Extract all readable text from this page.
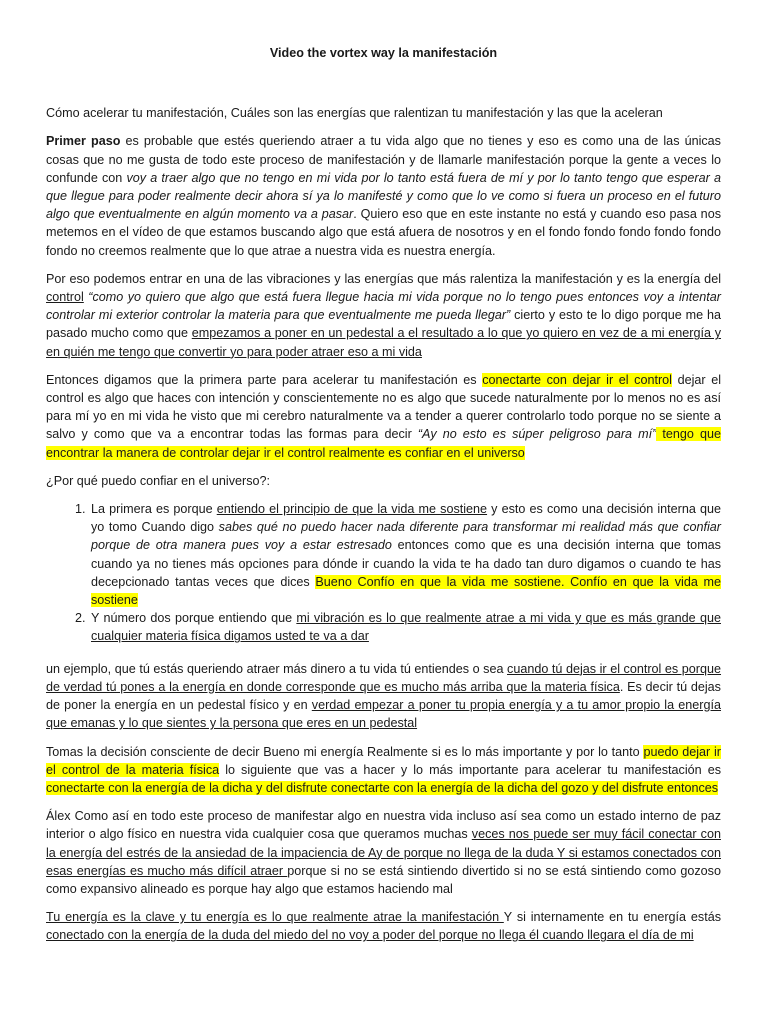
Video the vortex way la manifestación

Cómo acelerar tu manifestación, Cuáles son las energías que ralentizan tu manifestación y las que la aceleran

Primer paso es probable que estés queriendo atraer a tu vida algo que no tienes y eso es como una de las únicas cosas que no me gusta de todo este proceso de manifestación y de llamarle manifestación porque la gente a veces lo confunde con voy a traer algo que no tengo en mi vida por lo tanto está fuera de mí y por lo tanto tengo que esperar a que llegue para poder realmente decir ahora sí ya lo manifesté y como que lo ve como si fuera un proceso en el futuro algo que eventualmente en algún momento va a pasar. Quiero eso que en este instante no está y cuando eso pasa nos metemos en el vídeo de que estamos buscando algo que está afuera de nosotros y en el fondo fondo fondo fondo fondo fondo no creemos realmente que lo que atrae a nuestra vida es nuestra energía.

Por eso podemos entrar en una de las vibraciones y las energías que más ralentiza la manifestación y es la energía del control “como yo quiero que algo que está fuera llegue hacia mi vida porque no lo tengo pues entonces voy a intentar controlar mi exterior controlar la materia para que eventualmente me pueda llegar” cierto y esto te lo digo porque me ha pasado mucho como que empezamos a poner en un pedestal a el resultado a lo que yo quiero en vez de a mi energía y en quién me tengo que convertir yo para poder atraer eso a mi vida

Entonces digamos que la primera parte para acelerar tu manifestación es conectarte con dejar ir el control dejar el control es algo que haces con intención y conscientemente no es algo que sucede naturalmente por lo menos no es así para mí yo en mi vida he visto que mi cerebro naturalmente va a tender a querer controlarlo todo porque no se siente a salvo y como que va a encontrar todas las formas para decir “Ay no esto es súper peligroso para mí” tengo que encontrar la manera de controlar dejar ir el control realmente es confiar en el universo

¿Por qué puedo confiar en el universo?:

1. La primera es porque entiendo el principio de que la vida me sostiene y esto es como una decisión interna que yo tomo Cuando digo sabes qué no puedo hacer nada diferente para transformar mi realidad más que confiar porque de otra manera pues voy a estar estresado entonces como que es una decisión interna que tomas cuando ya no tienes más opciones para dónde ir cuando la vida te ha dado tan duro digamos o cuando te has decepcionado tantas veces que dices Bueno Confío en que la vida me sostiene. Confío en que la vida me sostiene
2. Y número dos porque entiendo que mi vibración es lo que realmente atrae a mi vida y que es más grande que cualquier materia física digamos usted te va a dar

un ejemplo, que tú estás queriendo atraer más dinero a tu vida tú entiendes o sea cuando tú dejas ir el control es porque de verdad tú pones a la energía en donde corresponde que es mucho más arriba que la materia física. Es decir tú dejas de poner la energía en un pedestal físico y en verdad empezar a poner tu propia energía y a tu amor propio la energía que emanas y lo que sientes y la persona que eres en un pedestal

Tomas la decisión consciente de decir Bueno mi energía Realmente si es lo más importante y por lo tanto puedo dejar ir el control de la materia física lo siguiente que vas a hacer y lo más importante para acelerar tu manifestación es conectarte con la energía de la dicha y del disfrute conectarte con la energía de la dicha del gozo y del disfrute entonces

Álex Como así en todo este proceso de manifestar algo en nuestra vida incluso así sea como un estado interno de paz interior o algo físico en nuestra vida cualquier cosa que queramos muchas veces nos puede ser muy fácil conectar con la energía del estrés de la ansiedad de la impaciencia de Ay de porque no llega de la duda Y si estamos conectados con esas energías es mucho más difícil atraer porque si no se está sintiendo divertido si no se está sintiendo como gozoso como expansivo alineado es porque hay algo que estamos haciendo mal

Tu energía es la clave y tu energía es lo que realmente atrae la manifestación Y si internamente en tu energía estás conectado con la energía de la duda del miedo del no voy a poder del porque no llega él cuando llegara el día de mi
